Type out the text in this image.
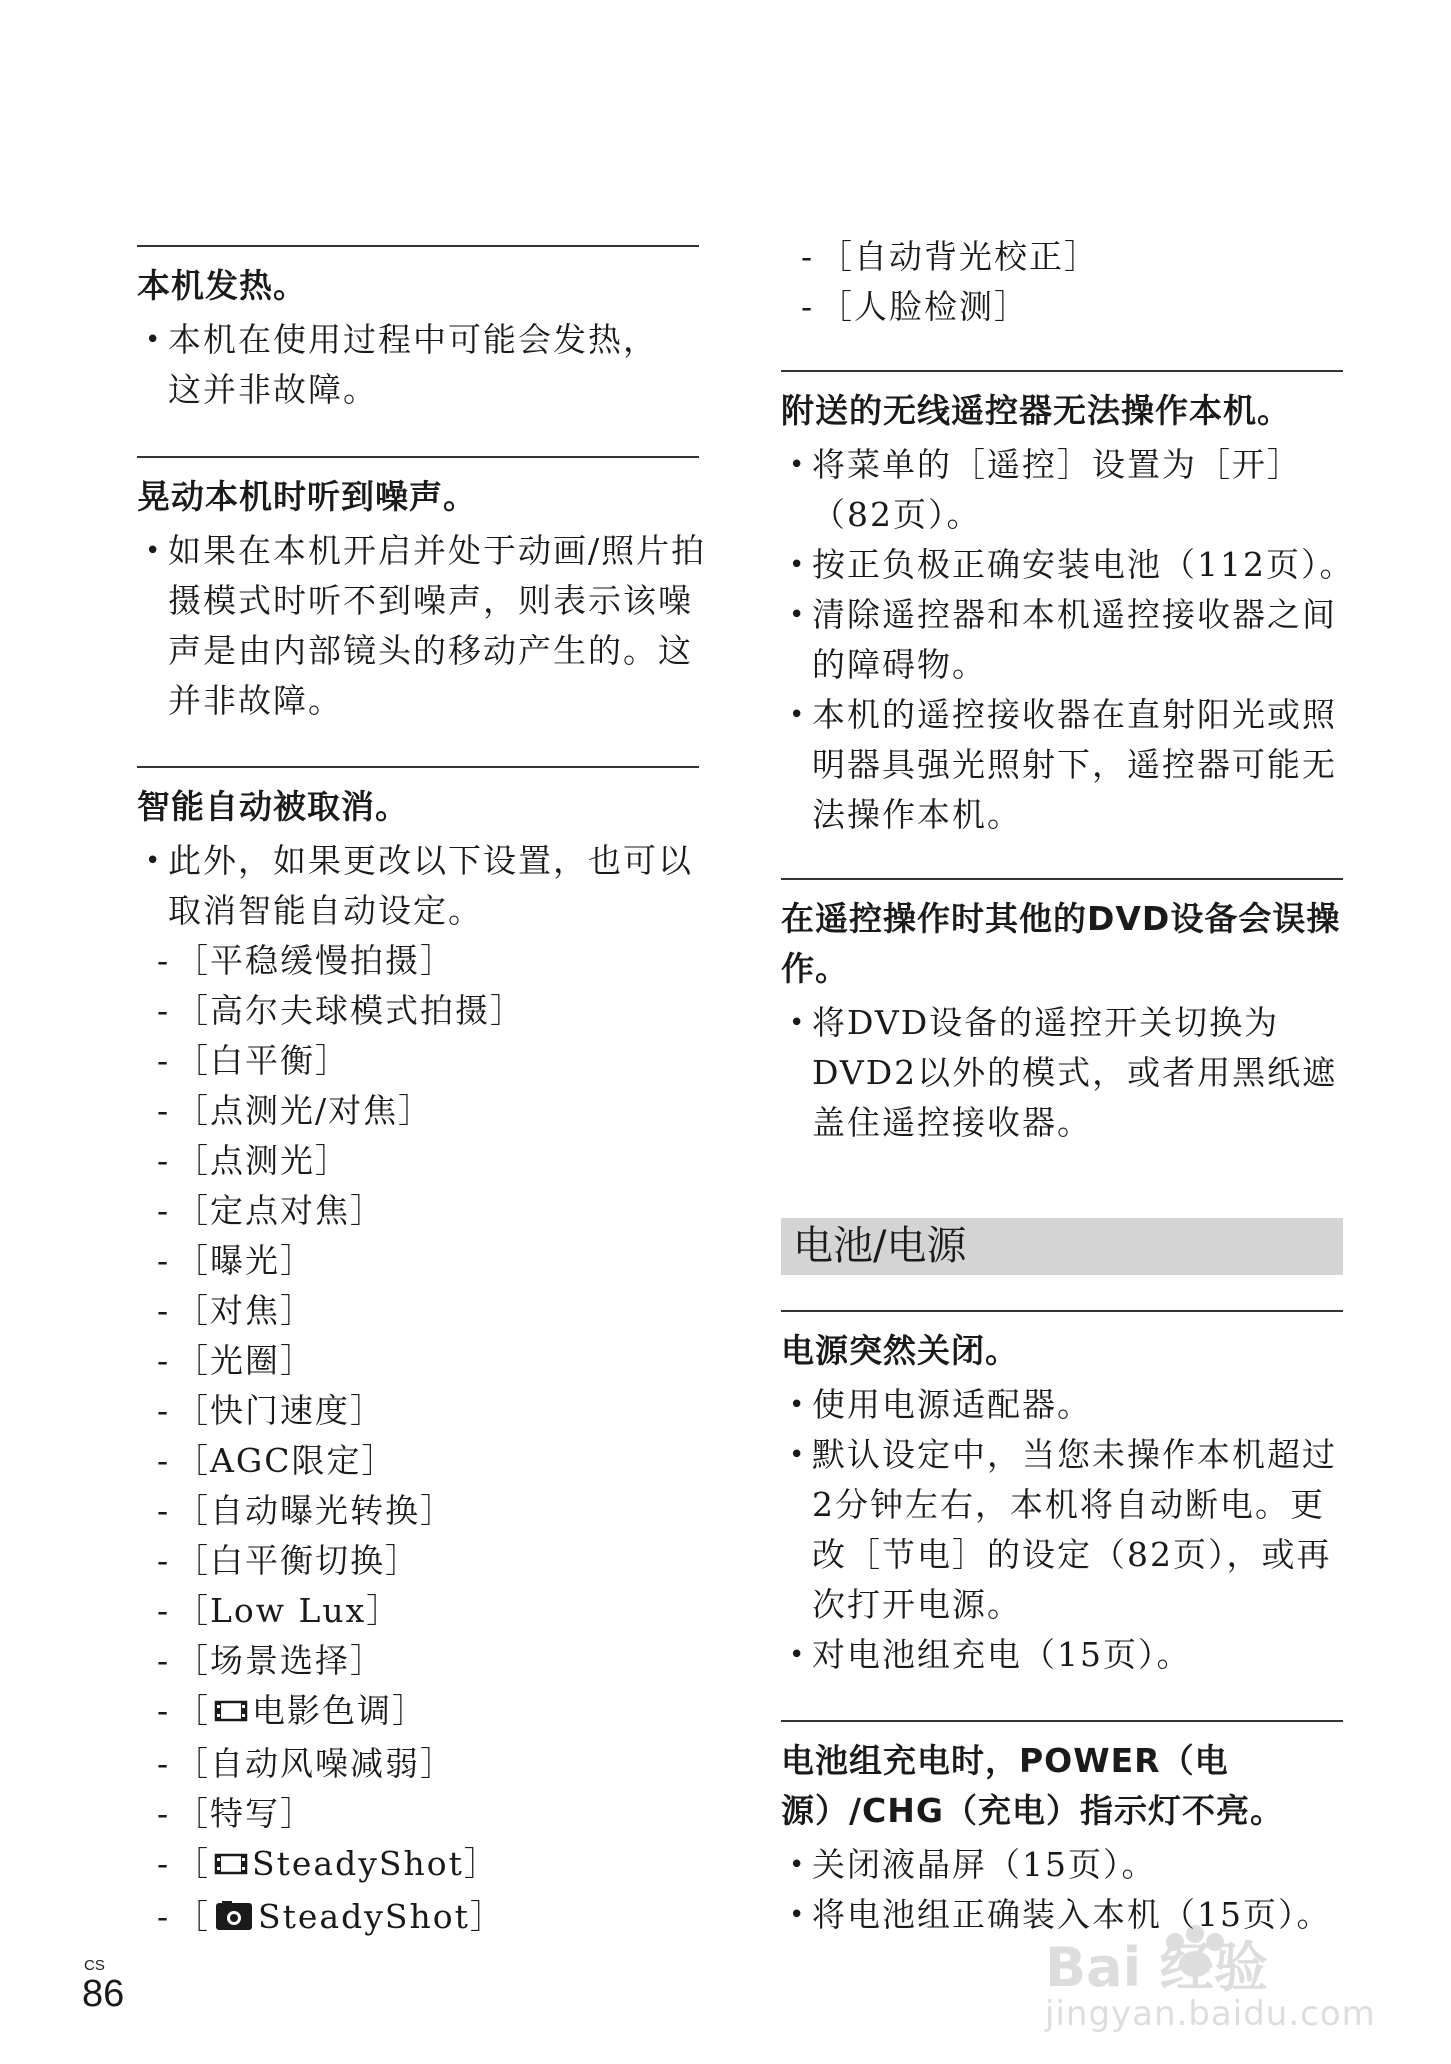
本机发热。
• 本机在使用过程中可能会发热，这并非故障。
晃动本机时听到噪声。
• 如果在本机开启并处于动画/照片拍摄模式时听不到噪声，则表示该噪声是由内部镜头的移动产生的。这并非故障。
智能自动被取消。
• 此外，如果更改以下设置，也可以取消智能自动设定。
- ［平稳缓慢拍摄］
- ［高尔夫球模式拍摄］
- ［白平衡］
- ［点测光/对焦］
- ［点测光］
- ［定点对焦］
- ［曝光］
- ［对焦］
- ［光圈］
- ［快门速度］
- ［AGC限定］
- ［自动曝光转换］
- ［白平衡切换］
- ［Low Lux］
- ［场景选择］
- ［ 电影色调］
- ［自动风噪减弱］
- ［特写］
- ［ SteadyShot］
- ［ SteadyShot］
- ［自动背光校正］
- ［人脸检测］
附送的无线遥控器无法操作本机。
• 将菜单的［遥控］设置为［开］（82页）。
• 按正负极正确安装电池（112页）。
• 清除遥控器和本机遥控接收器之间的障碍物。
• 本机的遥控接收器在直射阳光或照明器具强光照射下，遥控器可能无法操作本机。
在遥控操作时其他的DVD设备会误操作。
• 将DVD设备的遥控开关切换为DVD2以外的模式，或者用黑纸遮盖住遥控接收器。
电池/电源
电源突然关闭。
• 使用电源适配器。
• 默认设定中，当您未操作本机超过2分钟左右，本机将自动断电。更改［节电］的设定（82页），或再次打开电源。
• 对电池组充电（15页）。
电池组充电时，POWER（电源）/CHG（充电）指示灯不亮。
• 关闭液晶屏（15页）。
• 将电池组正确装入本机（15页）。
CS
86	Bai 经验
jingyan.baidu.com
